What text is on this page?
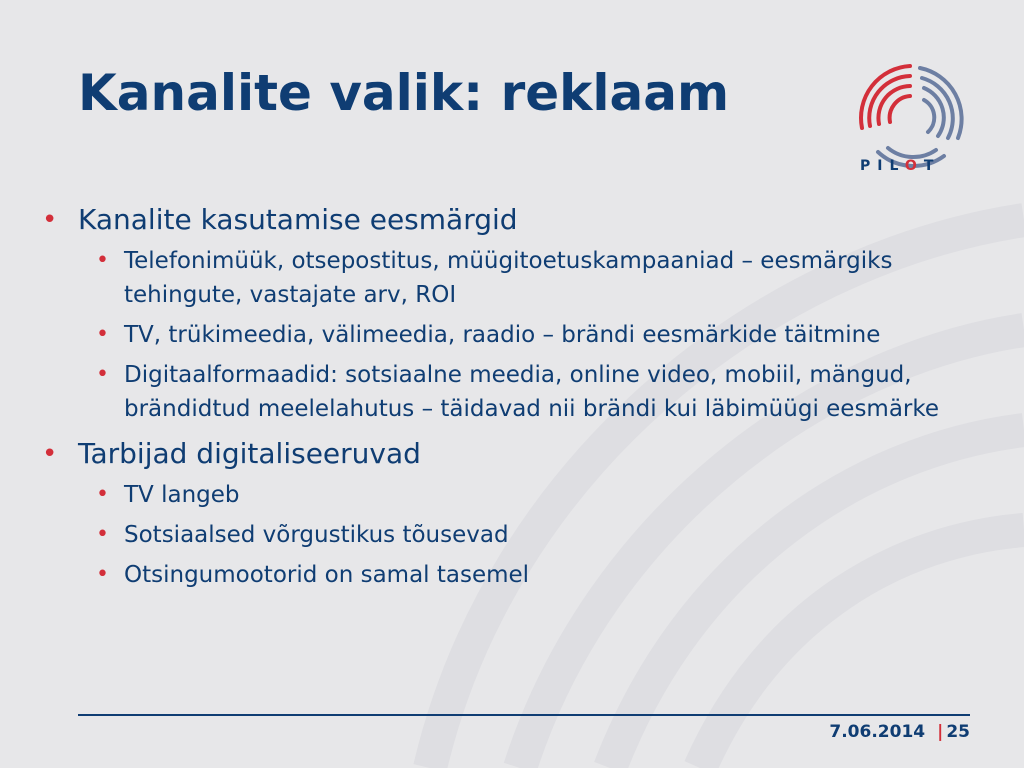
Kanalite valik: reklaam
PILOT
• Kanalite kasutamise eesmärgid
• Telefonimüük, otsepostitus, müügitoetuskampaaniad – eesmärgiks tehingute, vastajate arv, ROI
• TV, trükimeedia, välimeedia, raadio – brändi eesmärkide täitmine
• Digitaalformaadid: sotsiaalne meedia, online video, mobiil, mängud, brändidtud meelelahutus – täidavad nii brändi kui läbimüügi eesmärke
• Tarbijad digitaliseeruvad
• TV langeb
• Sotsiaalsed võrgustikus tõusevad
• Otsingumootorid on samal tasemel
7.06.2014 | 25
